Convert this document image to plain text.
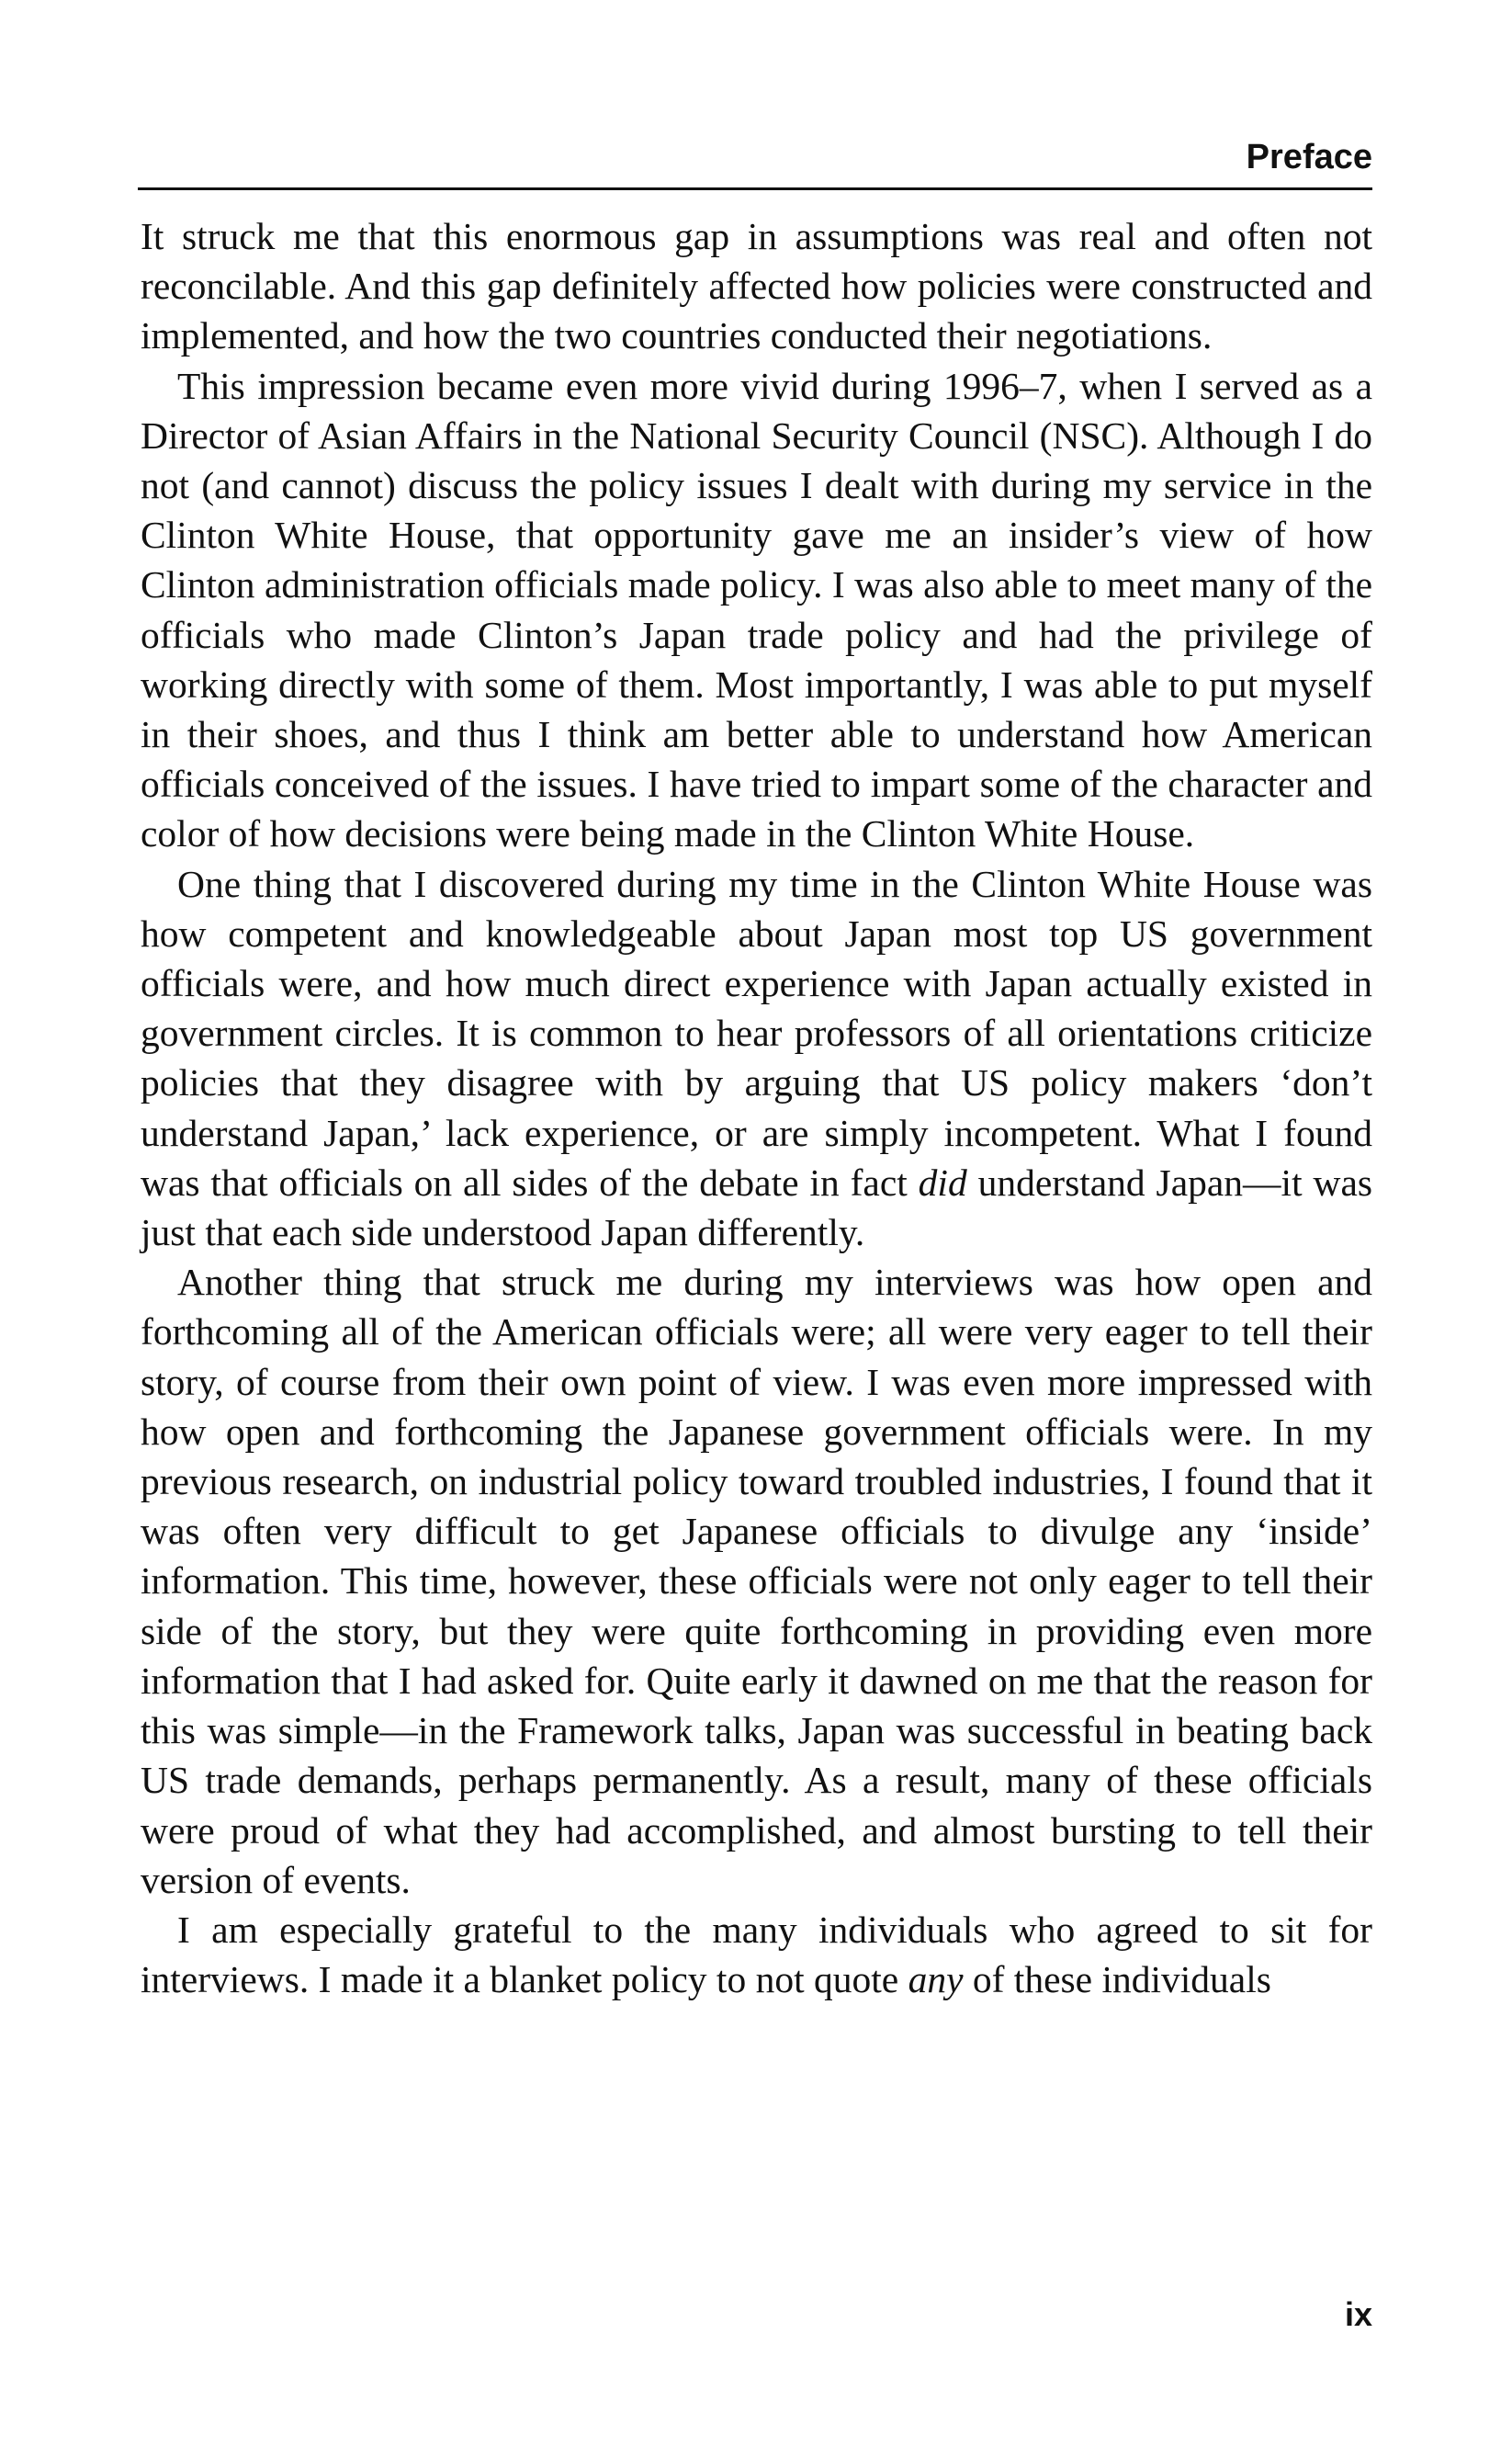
Preface

It struck me that this enormous gap in assumptions was real and often not reconcilable. And this gap definitely affected how policies were constructed and implemented, and how the two countries conducted their negotiations.

This impression became even more vivid during 1996–7, when I served as a Director of Asian Affairs in the National Security Council (NSC). Although I do not (and cannot) discuss the policy issues I dealt with during my service in the Clinton White House, that opportunity gave me an insider’s view of how Clinton administration officials made policy. I was also able to meet many of the officials who made Clinton’s Japan trade policy and had the privilege of working directly with some of them. Most importantly, I was able to put myself in their shoes, and thus I think am better able to understand how American officials conceived of the issues. I have tried to impart some of the character and color of how decisions were being made in the Clinton White House.

One thing that I discovered during my time in the Clinton White House was how competent and knowledgeable about Japan most top US government officials were, and how much direct experience with Japan actually existed in government circles. It is common to hear professors of all orientations criticize policies that they disagree with by arguing that US policy makers ‘don’t understand Japan,’ lack experience, or are simply incompetent. What I found was that officials on all sides of the debate in fact did understand Japan—it was just that each side understood Japan differently.

Another thing that struck me during my interviews was how open and forthcoming all of the American officials were; all were very eager to tell their story, of course from their own point of view. I was even more impressed with how open and forthcoming the Japanese government officials were. In my previous research, on industrial policy toward troubled industries, I found that it was often very difficult to get Japanese officials to divulge any ‘inside’ information. This time, however, these officials were not only eager to tell their side of the story, but they were quite forthcoming in providing even more information that I had asked for. Quite early it dawned on me that the reason for this was simple—in the Framework talks, Japan was successful in beating back US trade demands, perhaps permanently. As a result, many of these officials were proud of what they had accomplished, and almost bursting to tell their version of events.

I am especially grateful to the many individuals who agreed to sit for interviews. I made it a blanket policy to not quote any of these individuals

ix
